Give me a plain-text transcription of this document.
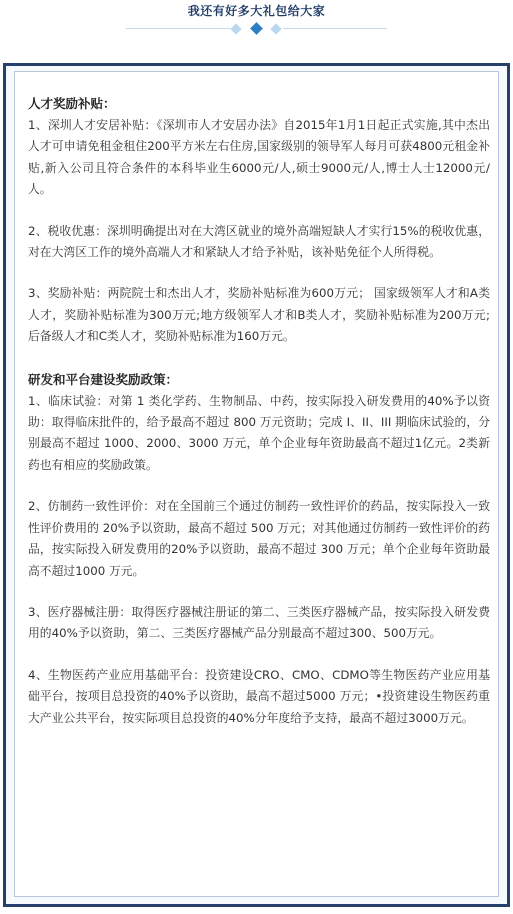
我还有好多大礼包给大家
人才奖励补贴：

1、深圳人才安居补贴：《深圳市人才安居办法》自2015年1月1日起正式实施,其中杰出人才可申请免租金租住200平方米左右住房,国家级别的领导军人每月可获4800元租金补贴,新入公司且符合条件的本科毕业生6000元/人,硕士9000元/人,博士人士12000元/人。

2、税收优惠：深圳明确提出对在大湾区就业的境外高端短缺人才实行15%的税收优惠，对在大湾区工作的境外高端人才和紧缺人才给予补贴，该补贴免征个人所得税。

3、奖励补贴：两院院士和杰出人才，奖励补贴标准为600万元； 国家级领军人才和A类人才，奖励补贴标准为300万元;地方级领军人才和B类人才，奖励补贴标准为200万元;后备级人才和C类人才，奖励补贴标准为160万元。

研发和平台建设奖励政策：

1、临床试验：对第 1 类化学药、生物制品、中药，按实际投入研发费用的40%予以资助：取得临床批件的，给予最高不超过 800 万元资助；完成 I、II、III 期临床试验的，分别最高不超过 1000、2000、3000 万元，单个企业每年资助最高不超过1亿元。2类新药也有相应的奖励政策。

2、仿制药一致性评价：对在全国前三个通过仿制药一致性评价的药品，按实际投入一致性评价费用的 20%予以资助，最高不超过 500 万元；对其他通过仿制药一致性评价的药品，按实际投入研发费用的20%予以资助，最高不超过 300 万元；单个企业每年资助最高不超过1000 万元。

3、医疗器械注册：取得医疗器械注册证的第二、三类医疗器械产品，按实际投入研发费用的40%予以资助，第二、三类医疗器械产品分别最高不超过300、500万元。

4、生物医药产业应用基础平台：投资建设CRO、CMO、CDMO等生物医药产业应用基础平台，按项目总投资的40%予以资助，最高不超过5000 万元；•投资建设生物医药重大产业公共平台，按实际项目总投资的40%分年度给予支持，最高不超过3000万元。
